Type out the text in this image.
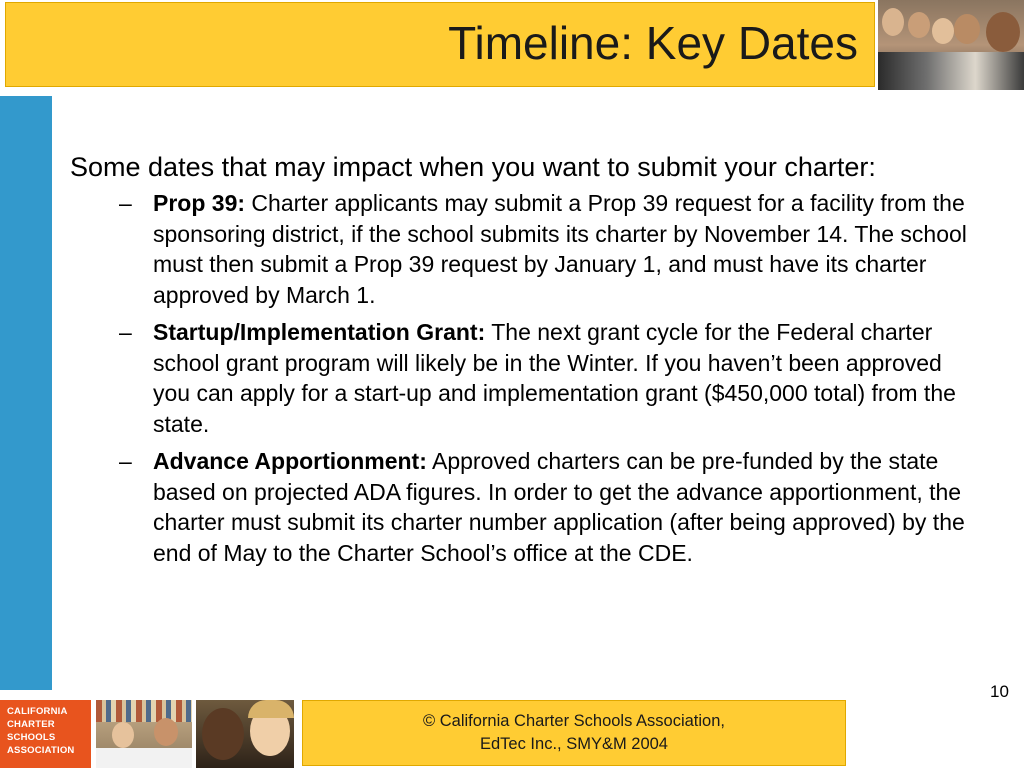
Timeline: Key Dates

Some dates that may impact when you want to submit your charter:

– Prop 39: Charter applicants may submit a Prop 39 request for a facility from the sponsoring district, if the school submits its charter by November 14. The school must then submit a Prop 39 request by January 1, and must have its charter approved by March 1.
– Startup/Implementation Grant: The next grant cycle for the Federal charter school grant program will likely be in the Winter. If you haven’t been approved you can apply for a start-up and implementation grant ($450,000 total) from the state.
– Advance Apportionment: Approved charters can be pre-funded by the state based on projected ADA figures. In order to get the advance apportionment, the charter must submit its charter number application (after being approved) by the end of May to the Charter School’s office at the CDE.
10
CALIFORNIA
CHARTER
SCHOOLS
ASSOCIATION
© California Charter Schools Association,
EdTec Inc., SMY&M 2004
